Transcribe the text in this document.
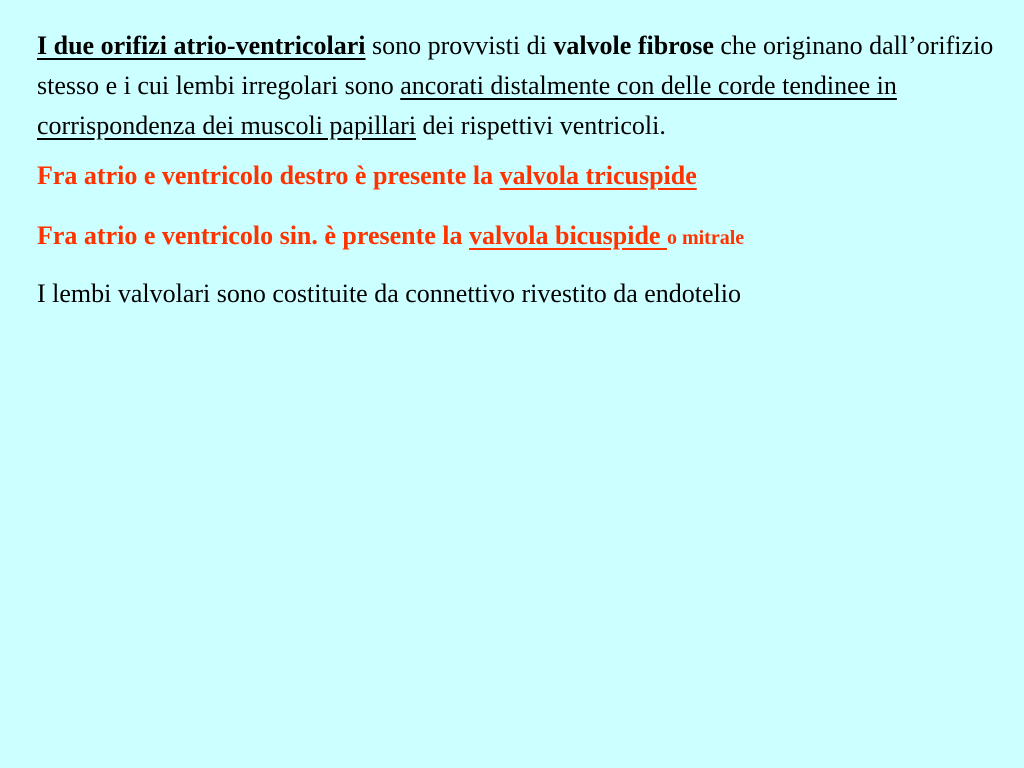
I due orifizi atrio-ventricolari sono provvisti di valvole fibrose che originano dall’orifizio stesso e i cui lembi irregolari sono ancorati distalmente con delle corde tendinee in corrispondenza dei muscoli papillari dei rispettivi ventricoli.

Fra atrio e ventricolo destro è presente la valvola tricuspide

Fra atrio e ventricolo sin. è presente la valvola bicuspide o mitrale

I lembi valvolari sono costituite da connettivo rivestito da endotelio
